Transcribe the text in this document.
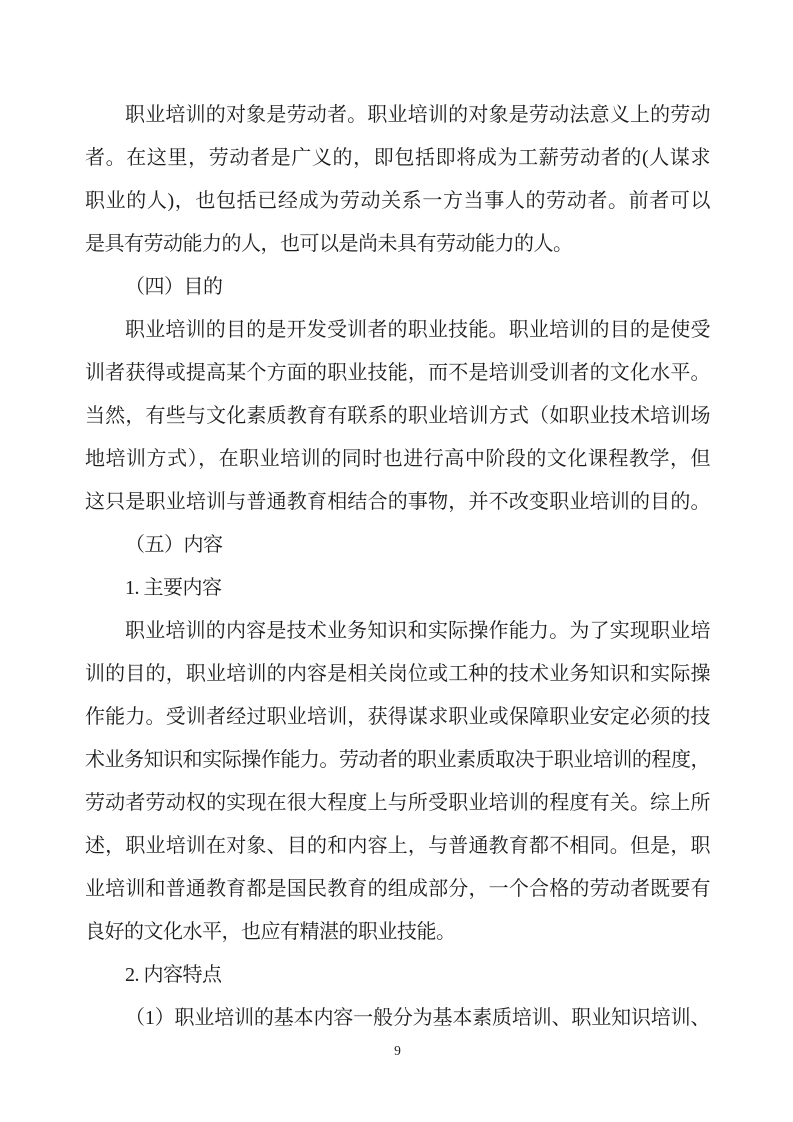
职业培训的对象是劳动者。职业培训的对象是劳动法意义上的劳动
者。在这里，劳动者是广义的，即包括即将成为工薪劳动者的(人谋求
职业的人)，也包括已经成为劳动关系一方当事人的劳动者。前者可以
是具有劳动能力的人，也可以是尚未具有劳动能力的人。
（四）目的
职业培训的目的是开发受训者的职业技能。职业培训的目的是使受
训者获得或提高某个方面的职业技能，而不是培训受训者的文化水平。
当然，有些与文化素质教育有联系的职业培训方式（如职业技术培训场
地培训方式），在职业培训的同时也进行高中阶段的文化课程教学，但
这只是职业培训与普通教育相结合的事物，并不改变职业培训的目的。
（五）内容
1. 主要内容
职业培训的内容是技术业务知识和实际操作能力。为了实现职业培
训的目的，职业培训的内容是相关岗位或工种的技术业务知识和实际操
作能力。受训者经过职业培训，获得谋求职业或保障职业安定必须的技
术业务知识和实际操作能力。劳动者的职业素质取决于职业培训的程度，
劳动者劳动权的实现在很大程度上与所受职业培训的程度有关。综上所
述，职业培训在对象、目的和内容上，与普通教育都不相同。但是，职
业培训和普通教育都是国民教育的组成部分，一个合格的劳动者既要有
良好的文化水平，也应有精湛的职业技能。
2. 内容特点
（1）职业培训的基本内容一般分为基本素质培训、职业知识培训、
9
